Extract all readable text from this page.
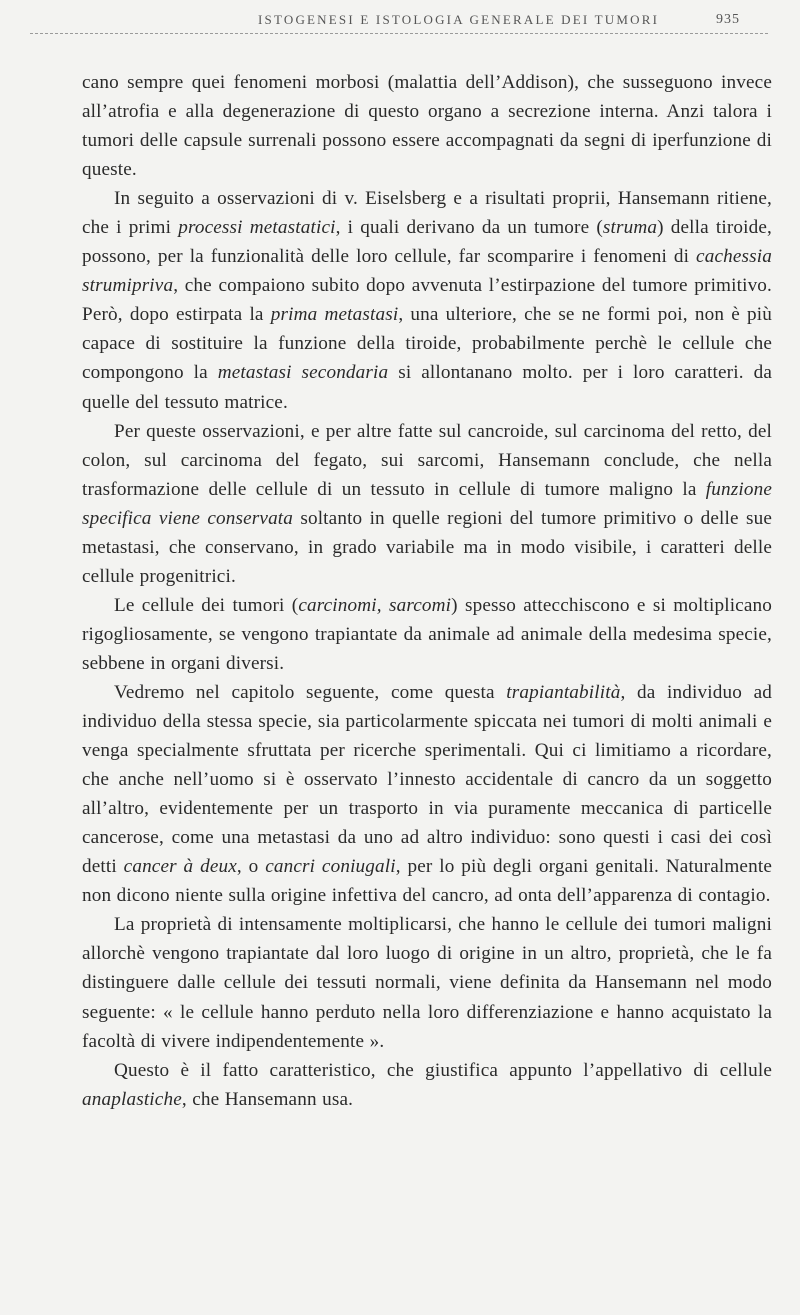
ISTOGENESI E ISTOLOGIA GENERALE DEI TUMORI	935

cano sempre quei fenomeni morbosi (malattia dell’Addison), che susseguono invece all’atrofia e alla degenerazione di questo organo a secrezione interna. Anzi talora i tumori delle capsule surrenali possono essere accompagnati da segni di iperfunzione di queste.

In seguito a osservazioni di v. Eiselsberg e a risultati proprii, Hansemann ritiene, che i primi processi metastatici, i quali derivano da un tumore (struma) della tiroide, possono, per la funzionalità delle loro cellule, far scomparire i fenomeni di cachessia strumipriva, che compaiono subito dopo avvenuta l’estirpazione del tumore primitivo. Però, dopo estirpata la prima metastasi, una ulteriore, che se ne formi poi, non è più capace di sostituire la funzione della tiroide, probabilmente perchè le cellule che compongono la metastasi secondaria si allontanano molto. per i loro caratteri. da quelle del tessuto matrice.

Per queste osservazioni, e per altre fatte sul cancroide, sul carcinoma del retto, del colon, sul carcinoma del fegato, sui sarcomi, Hansemann conclude, che nella trasformazione delle cellule di un tessuto in cellule di tumore maligno la funzione specifica viene conservata soltanto in quelle regioni del tumore primitivo o delle sue metastasi, che conservano, in grado variabile ma in modo visibile, i caratteri delle cellule progenitrici.

Le cellule dei tumori (carcinomi, sarcomi) spesso attecchiscono e si moltiplicano rigogliosamente, se vengono trapiantate da animale ad animale della medesima specie, sebbene in organi diversi.

Vedremo nel capitolo seguente, come questa trapiantabilità, da individuo ad individuo della stessa specie, sia particolarmente spiccata nei tumori di molti animali e venga specialmente sfruttata per ricerche sperimentali. Qui ci limitiamo a ricordare, che anche nell’uomo si è osservato l’innesto accidentale di cancro da un soggetto all’altro, evidentemente per un trasporto in via puramente meccanica di particelle cancerose, come una metastasi da uno ad altro individuo: sono questi i casi dei così detti cancer à deux, o cancri coniugali, per lo più degli organi genitali. Naturalmente non dicono niente sulla origine infettiva del cancro, ad onta dell’apparenza di contagio.

La proprietà di intensamente moltiplicarsi, che hanno le cellule dei tumori maligni allorchè vengono trapiantate dal loro luogo di origine in un altro, proprietà, che le fa distinguere dalle cellule dei tessuti normali, viene definita da Hansemann nel modo seguente: « le cellule hanno perduto nella loro differenziazione e hanno acquistato la facoltà di vivere indipendentemente ».

Questo è il fatto caratteristico, che giustifica appunto l’appellativo di cellule anaplastiche, che Hansemann usa.
